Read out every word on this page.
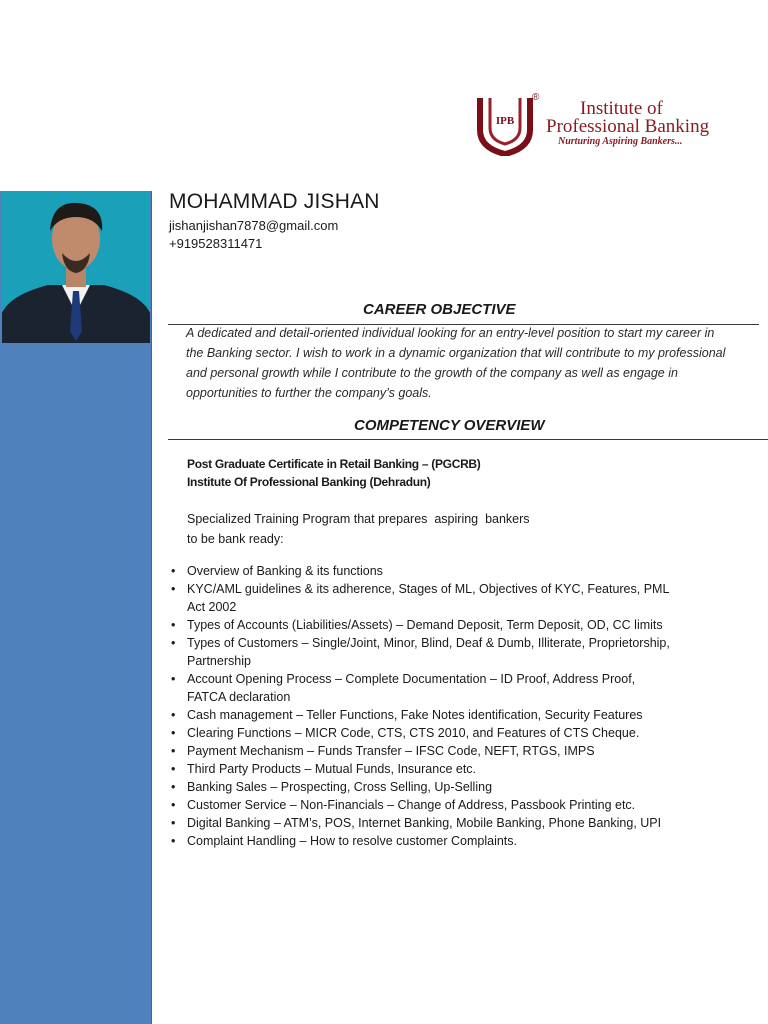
IPB
®
Institute of
Professional Banking
Nurturing Aspiring Bankers...
MOHAMMAD JISHAN
jishanjishan7878@gmail.com
+919528311471
CAREER OBJECTIVE
A dedicated and detail-oriented individual looking for an entry-level position to start my career in the Banking sector. I wish to work in a dynamic organization that will contribute to my professional and personal growth while I contribute to the growth of the company as well as engage in opportunities to further the company’s goals.
COMPETENCY OVERVIEW
Post Graduate Certificate in Retail Banking – (PGCRB)
Institute Of Professional Banking (Dehradun)
Specialized Training Program that prepares  aspiring  bankers
to be bank ready:
• Overview of Banking & its functions
• KYC/AML guidelines & its adherence, Stages of ML, Objectives of KYC, Features, PML Act 2002
• Types of Accounts (Liabilities/Assets) – Demand Deposit, Term Deposit, OD, CC limits
• Types of Customers – Single/Joint, Minor, Blind, Deaf & Dumb, Illiterate, Proprietorship, Partnership
• Account Opening Process – Complete Documentation – ID Proof, Address Proof, FATCA declaration
• Cash management – Teller Functions, Fake Notes identification, Security Features
• Clearing Functions – MICR Code, CTS, CTS 2010, and Features of CTS Cheque.
• Payment Mechanism – Funds Transfer – IFSC Code, NEFT, RTGS, IMPS
• Third Party Products – Mutual Funds, Insurance etc.
• Banking Sales – Prospecting, Cross Selling, Up-Selling
• Customer Service – Non-Financials – Change of Address, Passbook Printing etc.
• Digital Banking – ATM’s, POS, Internet Banking, Mobile Banking, Phone Banking, UPI
• Complaint Handling – How to resolve customer Complaints.
